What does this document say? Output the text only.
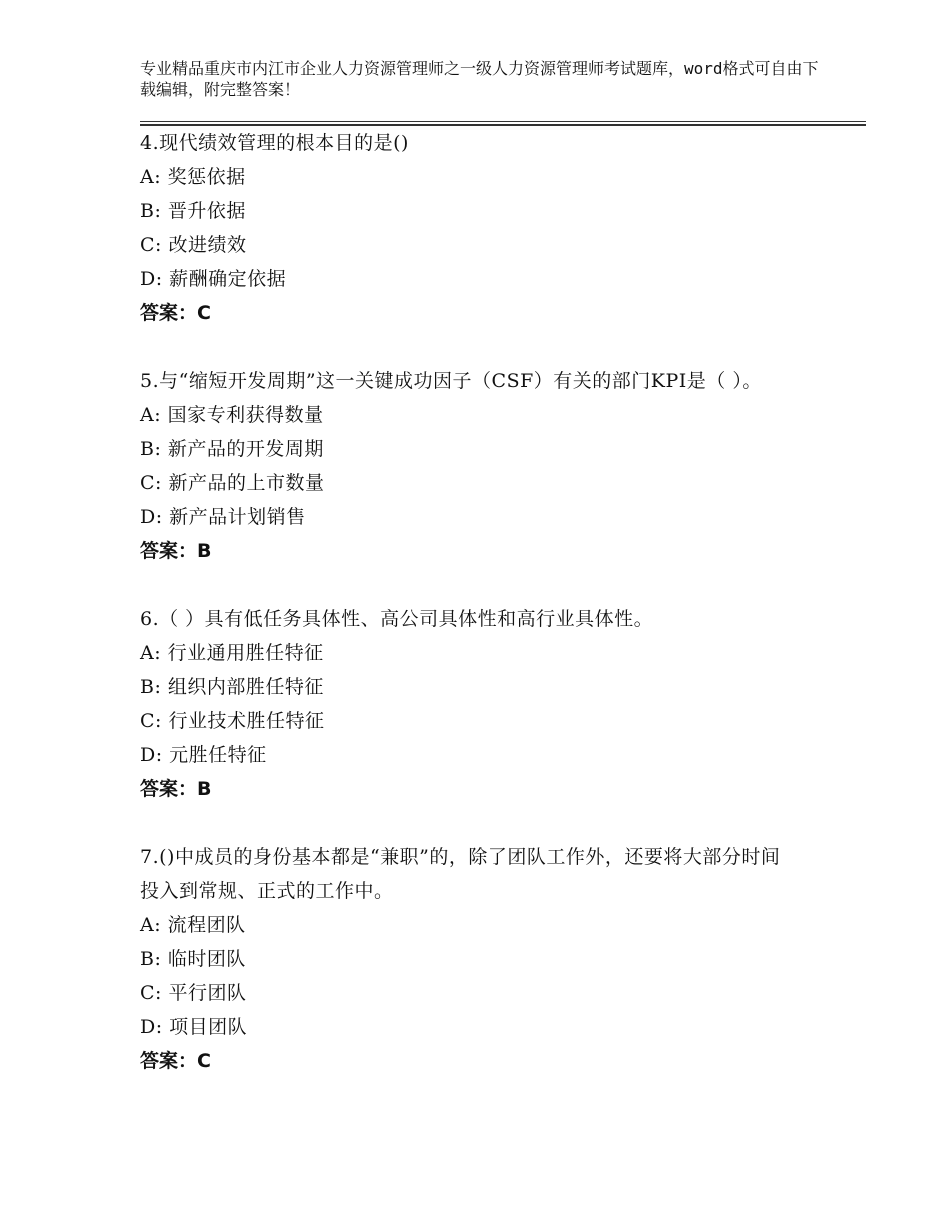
专业精品重庆市内江市企业人力资源管理师之一级人力资源管理师考试题库，word格式可自由下载编辑，附完整答案！
4.现代绩效管理的根本目的是()
A: 奖惩依据
B: 晋升依据
C: 改进绩效
D: 薪酬确定依据
答案：C
5.与“缩短开发周期”这一关键成功因子（CSF）有关的部门KPI是（ ）。
A: 国家专利获得数量
B: 新产品的开发周期
C: 新产品的上市数量
D: 新产品计划销售
答案：B
6.（ ）具有低任务具体性、高公司具体性和高行业具体性。
A: 行业通用胜任特征
B: 组织内部胜任特征
C: 行业技术胜任特征
D: 元胜任特征
答案：B
7.()中成员的身份基本都是“兼职”的，除了团队工作外，还要将大部分时间 投入到常规、正式的工作中。
A: 流程团队
B: 临时团队
C: 平行团队
D: 项目团队
答案：C
